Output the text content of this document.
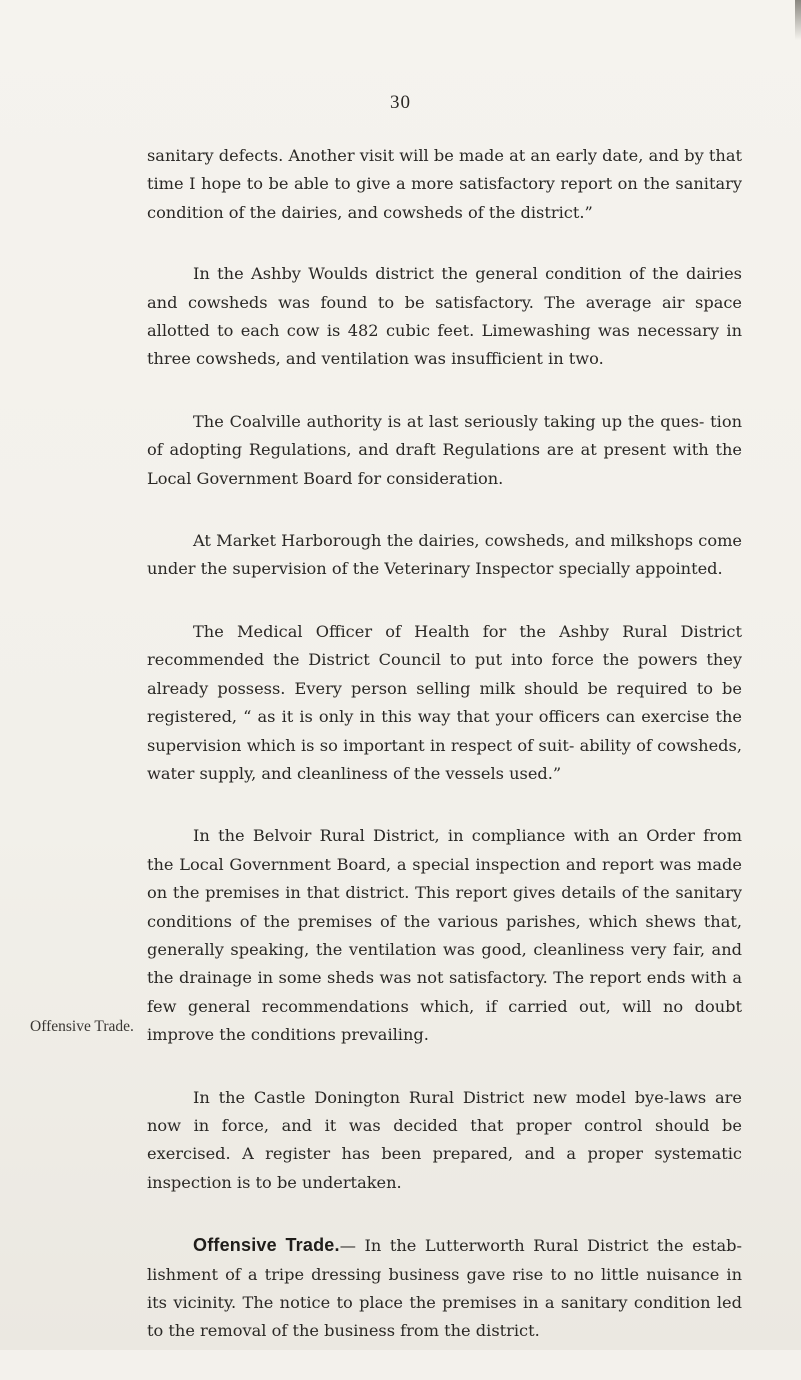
30

sanitary defects. Another visit will be made at an early date, and by that time I hope to be able to give a more satisfactory report on the sanitary condition of the dairies, and cowsheds of the district.”

In the Ashby Woulds district the general condition of the dairies and cowsheds was found to be satisfactory. The average air space allotted to each cow is 482 cubic feet. Limewashing was necessary in three cowsheds, and ventilation was insufficient in two.

The Coalville authority is at last seriously taking up the ques- tion of adopting Regulations, and draft Regulations are at present with the Local Government Board for consideration.

At Market Harborough the dairies, cowsheds, and milkshops come under the supervision of the Veterinary Inspector specially appointed.

The Medical Officer of Health for the Ashby Rural District recommended the District Council to put into force the powers they already possess. Every person selling milk should be required to be registered, “ as it is only in this way that your officers can exercise the supervision which is so important in respect of suit- ability of cowsheds, water supply, and cleanliness of the vessels used.”

In the Belvoir Rural District, in compliance with an Order from the Local Government Board, a special inspection and report was made on the premises in that district. This report gives details of the sanitary conditions of the premises of the various parishes, which shews that, generally speaking, the ventilation was good, cleanliness very fair, and the drainage in some sheds was not satisfactory. The report ends with a few general recommendations which, if carried out, will no doubt improve the conditions prevailing.

In the Castle Donington Rural District new model bye-laws are now in force, and it was decided that proper control should be exercised. A register has been prepared, and a proper systematic inspection is to be undertaken.

Offensive Trade.— In the Lutterworth Rural District the estab- lishment of a tripe dressing business gave rise to no little nuisance in its vicinity. The notice to place the premises in a sanitary condition led to the removal of the business from the district.

Offensive Trade.
